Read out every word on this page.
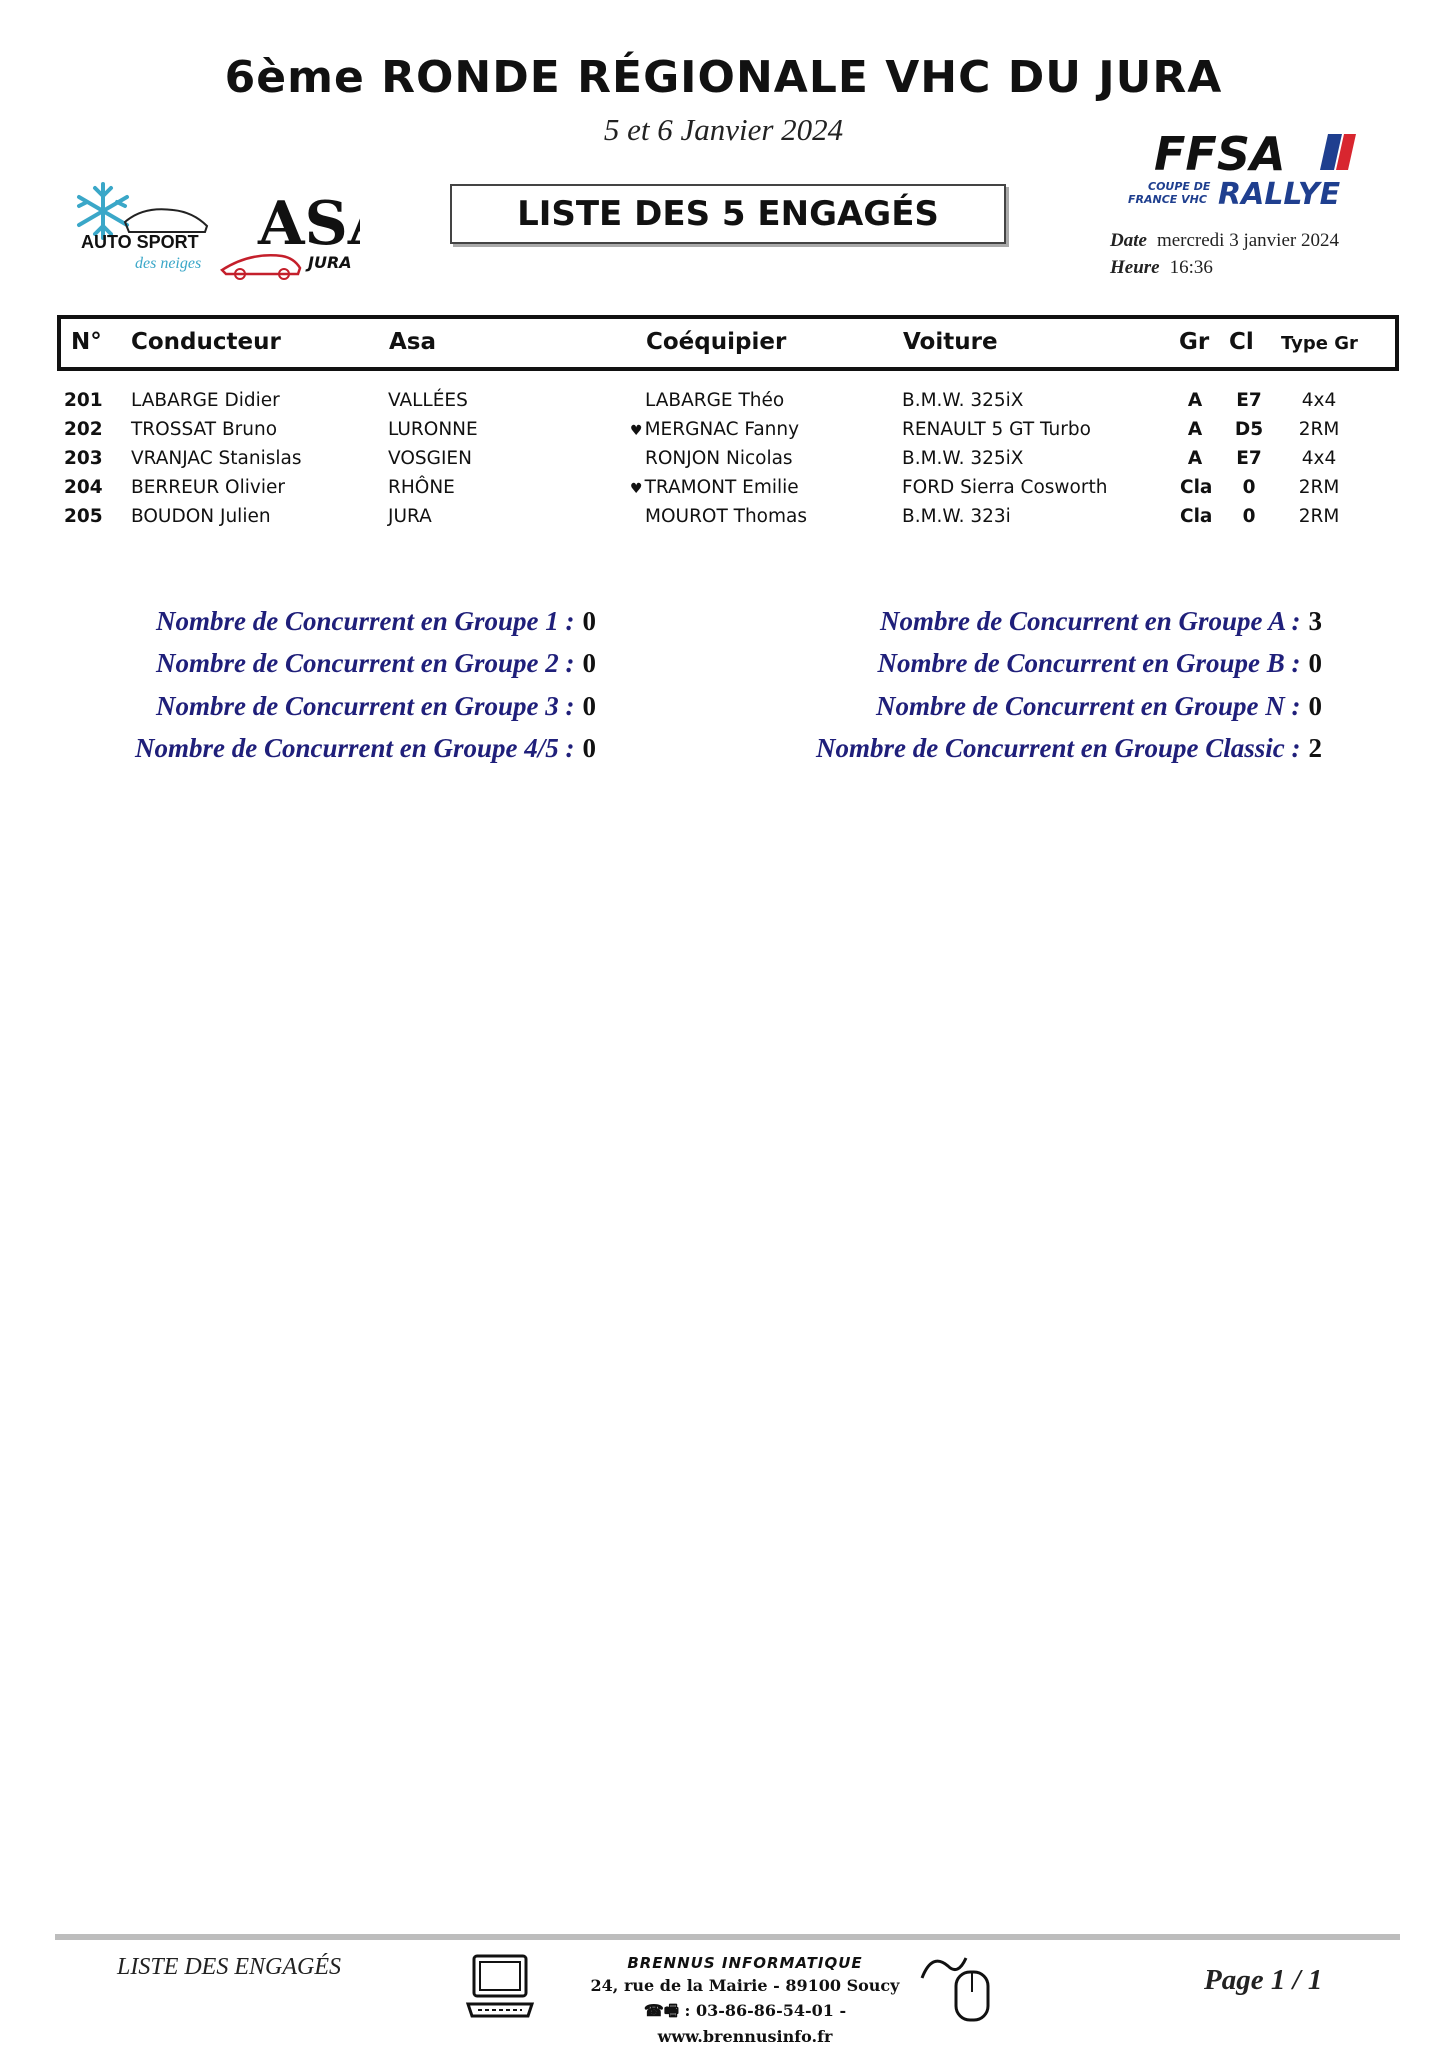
6ème RONDE RÉGIONALE VHC DU JURA
5 et 6 Janvier 2024
AUTO SPORT
des neiges
AS
JURA
LISTE DES 5 ENGAGÉS
FFSA
COUPE DE
FRANCE VHC RALLYE
Date mercredi 3 janvier 2024
Heure 16:36
N° Conducteur	Asa	Coéquipier	Voiture	Gr Cl Type Gr
201 LABARGE Didier	VALLÉES	LABARGE Théo	B.M.W. 325iX	A	E7	4x4
202 TROSSAT Bruno	LURONNE	♥ MERGNAC Fanny	RENAULT 5 GT Turbo	A	D5 2RM
203 VRANJAC Stanislas	VOSGIEN	RONJON Nicolas	B.M.W. 325iX	A	E7	4x4
204 BERREUR Olivier	RHÔNE	♥ TRAMONT Emilie	FORD Sierra Cosworth	Cla	0	2RM
205 BOUDON Julien	JURA	MOUROT Thomas	B.M.W. 323i	Cla	0	2RM
Nombre de Concurrent en Groupe 1 : 0
Nombre de Concurrent en Groupe 2 : 0
Nombre de Concurrent en Groupe 3 : 0
Nombre de Concurrent en Groupe 4/5 : 0
Nombre de Concurrent en Groupe A : 3
Nombre de Concurrent en Groupe B : 0
Nombre de Concurrent en Groupe N : 0
Nombre de Concurrent en Groupe Classic : 2
LISTE DES ENGAGÉS	BRENNUS INFORMATIQUE
24, rue de la Mairie - 89100 Soucy
☎🖷 : 03-86-86-54-01 - www.brennusinfo.fr
Page 1 / 1
